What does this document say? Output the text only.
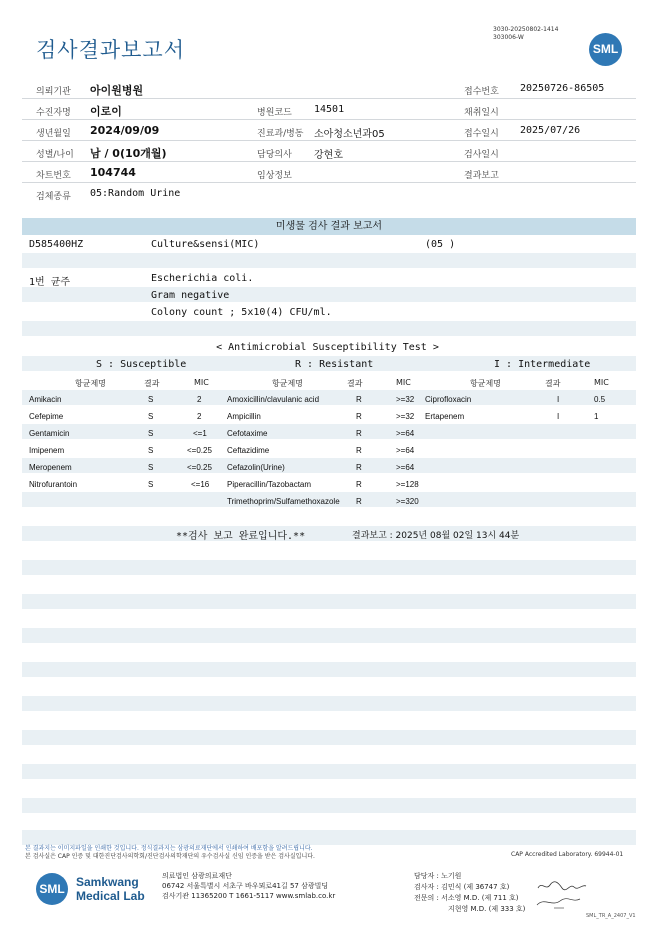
검사결과보고서
3030-20250802-1414
303006-W
SML
의뢰기관 아이원병원	접수번호 20250726-86505
수진자명 이로이	병원코드 14501	채취일시
생년월일 2024/09/09	진료과/병동 소아청소년과05	접수일시 2025/07/26
성별/나이 남 / 0(10개월)	담당의사 강현호	검사일시
차트번호 104744	임상정보	결과보고
검체종류 05:Random Urine
미생물 검사 결과 보고서
D585400HZ	Culture&sensi(MIC)	(05 )
1번 균주	Escherichia coli.
Gram negative
Colony count ; 5x10(4) CFU/ml.
< Antimicrobial Susceptibility Test >
S : Susceptible	R : Resistant	I : Intermediate
항균제명	결과	MIC	항균제명	결과	MIC	항균제명	결과	MIC
Amikacin	S	2
Cefepime	S	2
Gentamicin	S	<=1
Imipenem	S	<=0.25
Meropenem	S	<=0.25
Nitrofurantoin	S	<=16
Amoxicillin/clavulanic acid	R	>=32
Ampicillin	R	>=32
Cefotaxime	R	>=64
Ceftazidime	R	>=64
Cefazolin(Urine)	R	>=64
Piperacillin/Tazobactam	R	>=128
Trimethoprim/Sulfamethoxazole R	>=320
Ciprofloxacin	I	0.5
Ertapenem	I	1
**검사 보고 완료입니다.**	결과보고 : 2025년 08월 02일 13시 44분
본 결과지는 이미지파일을 인쇄한 것입니다. 정식결과지는 삼광의료재단에서 인쇄하여 배포함을 알려드립니다.
본 검사실은 CAP 인증 및 대한진단검사의학회/진단검사의학재단의 우수검사실 신임 인증을 받은 검사실입니다.	CAP Accredited Laboratory. 69944-01
SML Samkwang
Medical Lab
의료법인 삼광의료재단
06742 서울특별시 서초구 바우뫼로41길 57 삼광빌딩
검사기관 11365200 T 1661-5117 www.smlab.co.kr
담당자 : 노기원
검사자 : 김민식 (제 36747 호)
전문의 : 서소영 M.D. (제 711 호)
지현영 M.D. (제 333 호)
SML_TR_A_2407_V1
